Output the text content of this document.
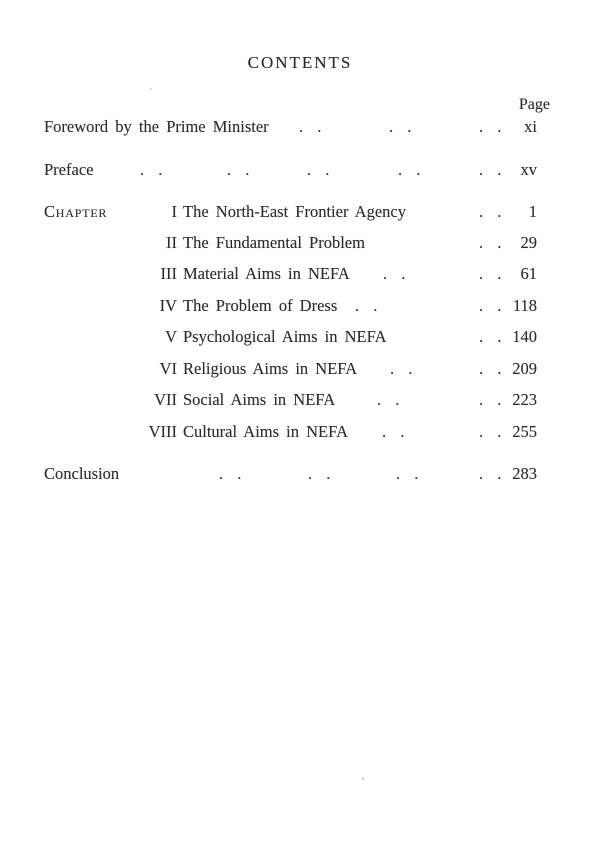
CONTENTS
Page
Foreword by the Prime Minister . .	. .	. .	xi
Preface	. .	. .	. .	. .	. . xv
Chapter	I The North-East Frontier Agency	. .	1
II The Fundamental Problem	. . 29
III Material Aims in NEFA . .	. . 61
IV The Problem of Dress . .	. . 118
V Psychological Aims in NEFA	. . 140
VI Religious Aims in NEFA . .	. . 209
VII Social Aims in NEFA	. .	. . 223
VIII Cultural Aims in NEFA . .	. . 255
Conclusion	. .	. .	. .	. . 283
